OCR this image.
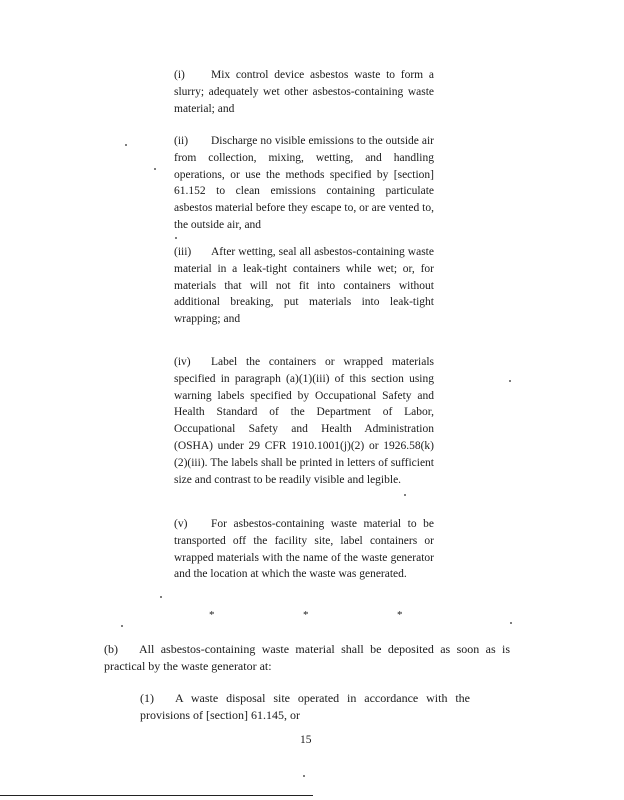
(i) Mix control device asbestos waste to form a slurry; adequately wet other asbestos-containing waste material; and
(ii) Discharge no visible emissions to the outside air from collection, mixing, wetting, and handling operations, or use the methods specified by [section] 61.152 to clean emissions containing particulate asbestos material before they escape to, or are vented to, the outside air, and
(iii) After wetting, seal all asbestos-containing waste material in a leak-tight containers while wet; or, for materials that will not fit into containers without additional breaking, put materials into leak-tight wrapping; and
(iv) Label the containers or wrapped materials specified in paragraph (a)(1)(iii) of this section using warning labels specified by Occupational Safety and Health Standard of the Department of Labor, Occupational Safety and Health Administration (OSHA) under 29 CFR 1910.1001(j)(2) or 1926.58(k)(2)(iii). The labels shall be printed in letters of sufficient size and contrast to be readily visible and legible.
(v) For asbestos-containing waste material to be transported off the facility site, label containers or wrapped materials with the name of the waste generator and the location at which the waste was generated.
*	*	*
(b) All asbestos-containing waste material shall be deposited as soon as is practical by the waste generator at:
(1) A waste disposal site operated in accordance with the provisions of [section] 61.145, or
15
